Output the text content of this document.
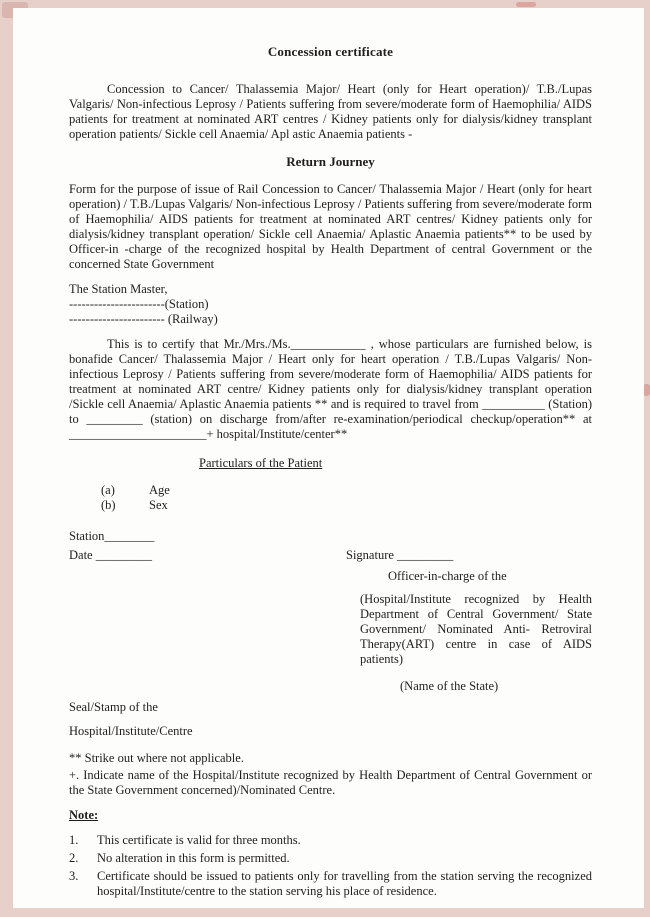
Concession certificate

Concession to Cancer/ Thalassemia Major/ Heart (only for Heart operation)/ T.B./Lupas Valgaris/ Non-infectious Leprosy / Patients suffering from severe/moderate form of Haemophilia/ AIDS patients for treatment at nominated ART centres / Kidney patients only for dialysis/kidney transplant operation patients/ Sickle cell Anaemia/ Apl astic Anaemia patients -

Return Journey

Form for the purpose of issue of Rail Concession to Cancer/ Thalassemia Major / Heart (only for heart operation) / T.B./Lupas Valgaris/ Non-infectious Leprosy / Patients suffering from severe/moderate form of Haemophilia/ AIDS patients for treatment at nominated ART centres/ Kidney patients only for dialysis/kidney transplant operation/ Sickle cell Anaemia/ Aplastic Anaemia patients** to be used by Officer-in -charge of the recognized hospital by Health Department of central Government or the concerned State Government

The Station Master,
-----------------------(Station)
----------------------- (Railway)

This is to certify that Mr./Mrs./Ms.____________ , whose particulars are furnished below, is bonafide Cancer/ Thalassemia Major / Heart only for heart operation / T.B./Lupas Valgaris/ Non-infectious Leprosy / Patients suffering from severe/moderate form of Haemophilia/ AIDS patients for treatment at nominated ART centre/ Kidney patients only for dialysis/kidney transplant operation /Sickle cell Anaemia/ Aplastic Anaemia patients ** and is required to travel from __________ (Station) to _________ (station) on discharge from/after re-examination/periodical checkup/operation** at ______________________+ hospital/Institute/center**

Particulars of the Patient
(a)	Age
(b)	Sex
Station________
Date _________	Signature _________
Officer-in-charge of the

(Hospital/Institute recognized by Health Department of Central Government/ State Government/ Nominated Anti- Retroviral Therapy(ART) centre in case of AIDS patients)

(Name of the State)
Seal/Stamp of the
Hospital/Institute/Centre
** Strike out where not applicable.
+. Indicate name of the Hospital/Institute recognized by Health Department of Central Government or the State Government concerned)/Nominated Centre.
Note:
1.	This certificate is valid for three months.
2.	No alteration in this form is permitted.
3.	Certificate should be issued to patients only for travelling from the station serving the recognized hospital/Institute/centre to the station serving his place of residence.
